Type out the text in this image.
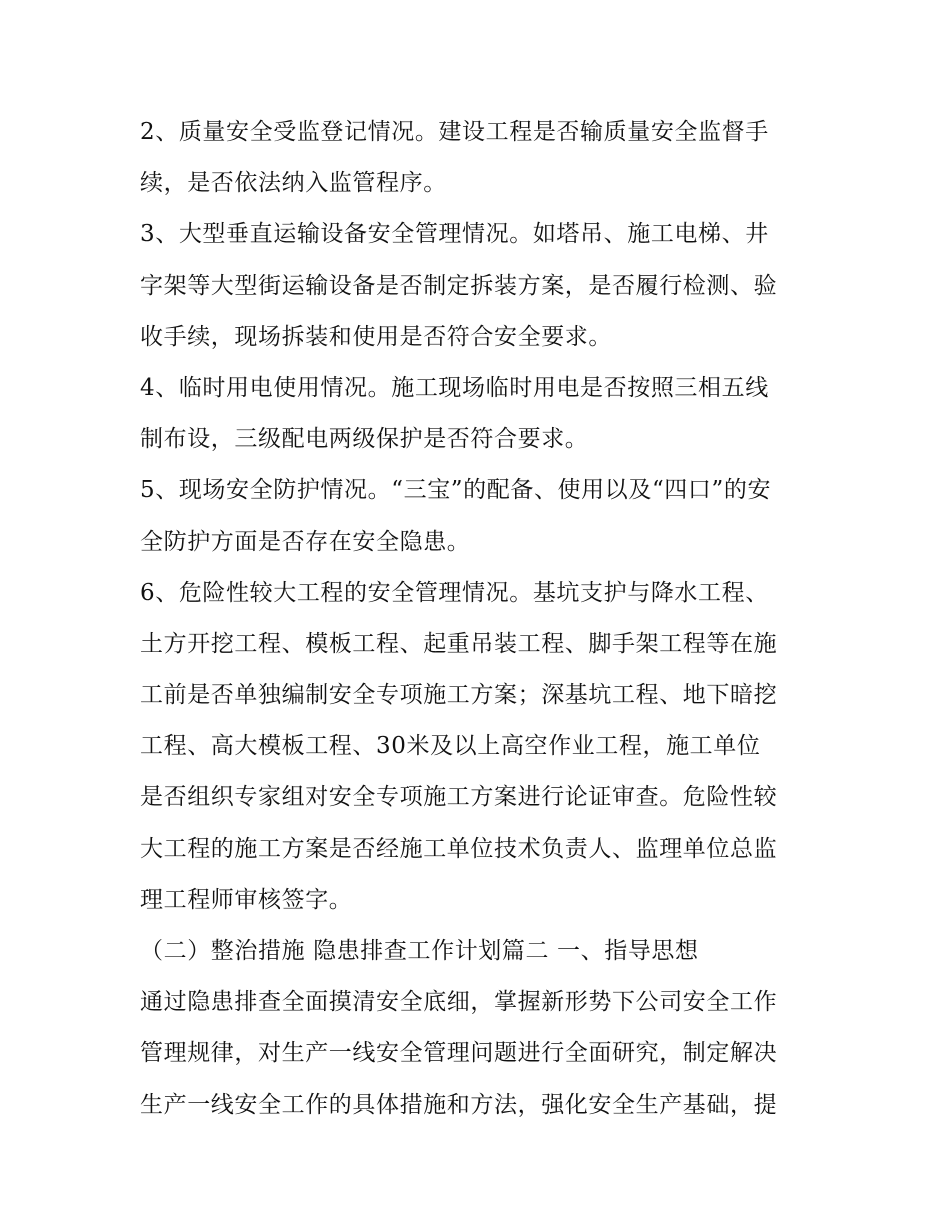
2、质量安全受监登记情况。建设工程是否输质量安全监督手
续，是否依法纳入监管程序。
3、大型垂直运输设备安全管理情况。如塔吊、施工电梯、井
字架等大型街运输设备是否制定拆装方案，是否履行检测、验
收手续，现场拆装和使用是否符合安全要求。
4、临时用电使用情况。施工现场临时用电是否按照三相五线
制布设，三级配电两级保护是否符合要求。
5、现场安全防护情况。“三宝”的配备、使用以及“四口”的安
全防护方面是否存在安全隐患。
6、危险性较大工程的安全管理情况。基坑支护与降水工程、
土方开挖工程、模板工程、起重吊装工程、脚手架工程等在施
工前是否单独编制安全专项施工方案；深基坑工程、地下暗挖
工程、高大模板工程、30米及以上高空作业工程，施工单位
是否组织专家组对安全专项施工方案进行论证审查。危险性较
大工程的施工方案是否经施工单位技术负责人、监理单位总监
理工程师审核签字。
（二）整治措施 隐患排查工作计划篇二 一、指导思想
通过隐患排查全面摸清安全底细，掌握新形势下公司安全工作
管理规律，对生产一线安全管理问题进行全面研究，制定解决
生产一线安全工作的具体措施和方法，强化安全生产基础，提
